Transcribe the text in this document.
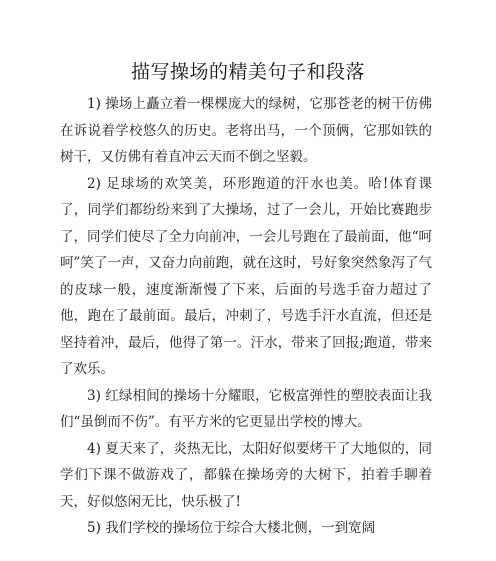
描写操场的精美句子和段落

1) 操场上矗立着一棵棵庞大的绿树，它那苍老的树干仿佛在诉说着学校悠久的历史。老将出马，一个顶俩，它那如铁的树干，又仿佛有着直冲云天而不倒之坚毅。

2) 足球场的欢笑美，环形跑道的汗水也美。哈!体育课了，同学们都纷纷来到了大操场，过了一会儿，开始比赛跑步了，同学们使尽了全力向前冲，一会儿号跑在了最前面，他“呵呵”笑了一声，又奋力向前跑，就在这时，号好象突然象泻了气的皮球一般，速度渐渐慢了下来，后面的号选手奋力超过了他，跑在了最前面。最后，冲刺了，号选手汗水直流，但还是坚持着冲，最后，他得了第一。汗水，带来了回报;跑道，带来了欢乐。

3) 红绿相间的操场十分耀眼，它极富弹性的塑胶表面让我们“虽倒而不伤”。有平方米的它更显出学校的博大。

4) 夏天来了，炎热无比，太阳好似要烤干了大地似的，同学们下课不做游戏了，都躲在操场旁的大树下，拍着手聊着天，好似悠闲无比，快乐极了!

5) 我们学校的操场位于综合大楼北侧，一到宽阔
